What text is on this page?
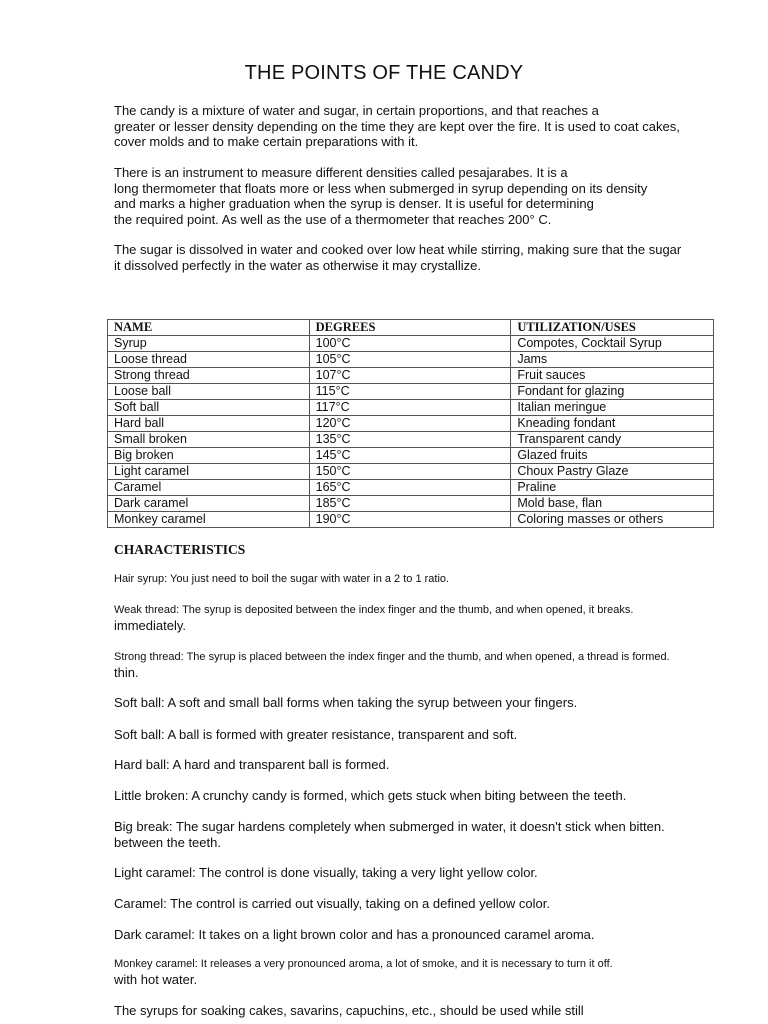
THE POINTS OF THE CANDY
The candy is a mixture of water and sugar, in certain proportions, and that reaches a
greater or lesser density depending on the time they are kept over the fire. It is used to coat cakes,
cover molds and to make certain preparations with it.
There is an instrument to measure different densities called pesajarabes. It is a
long thermometer that floats more or less when submerged in syrup depending on its density
and marks a higher graduation when the syrup is denser. It is useful for determining
the required point. As well as the use of a thermometer that reaches 200° C.
The sugar is dissolved in water and cooked over low heat while stirring, making sure that the sugar
it dissolved perfectly in the water as otherwise it may crystallize.
NAME	DEGREES	UTILIZATION/USES
Syrup	100°C	Compotes, Cocktail Syrup
Loose thread	105°C	Jams
Strong thread	107°C	Fruit sauces
Loose ball	115°C	Fondant for glazing
Soft ball	117°C	Italian meringue
Hard ball	120°C	Kneading fondant
Small broken	135°C	Transparent candy
Big broken	145°C	Glazed fruits
Light caramel	150°C	Choux Pastry Glaze
Caramel	165°C	Praline
Dark caramel	185°C	Mold base, flan
Monkey caramel	190°C	Coloring masses or others
CHARACTERISTICS
Hair syrup: You just need to boil the sugar with water in a 2 to 1 ratio.
Weak thread: The syrup is deposited between the index finger and the thumb, and when opened, it breaks.
immediately.
Strong thread: The syrup is placed between the index finger and the thumb, and when opened, a thread is formed.
thin.
Soft ball: A soft and small ball forms when taking the syrup between your fingers.
Soft ball: A ball is formed with greater resistance, transparent and soft.
Hard ball: A hard and transparent ball is formed.
Little broken: A crunchy candy is formed, which gets stuck when biting between the teeth.
Big break: The sugar hardens completely when submerged in water, it doesn't stick when bitten.
between the teeth.
Light caramel: The control is done visually, taking a very light yellow color.
Caramel: The control is carried out visually, taking on a defined yellow color.
Dark caramel: It takes on a light brown color and has a pronounced caramel aroma.
Monkey caramel: It releases a very pronounced aroma, a lot of smoke, and it is necessary to turn it off.
with hot water.
The syrups for soaking cakes, savarins, capuchins, etc., should be used while still
